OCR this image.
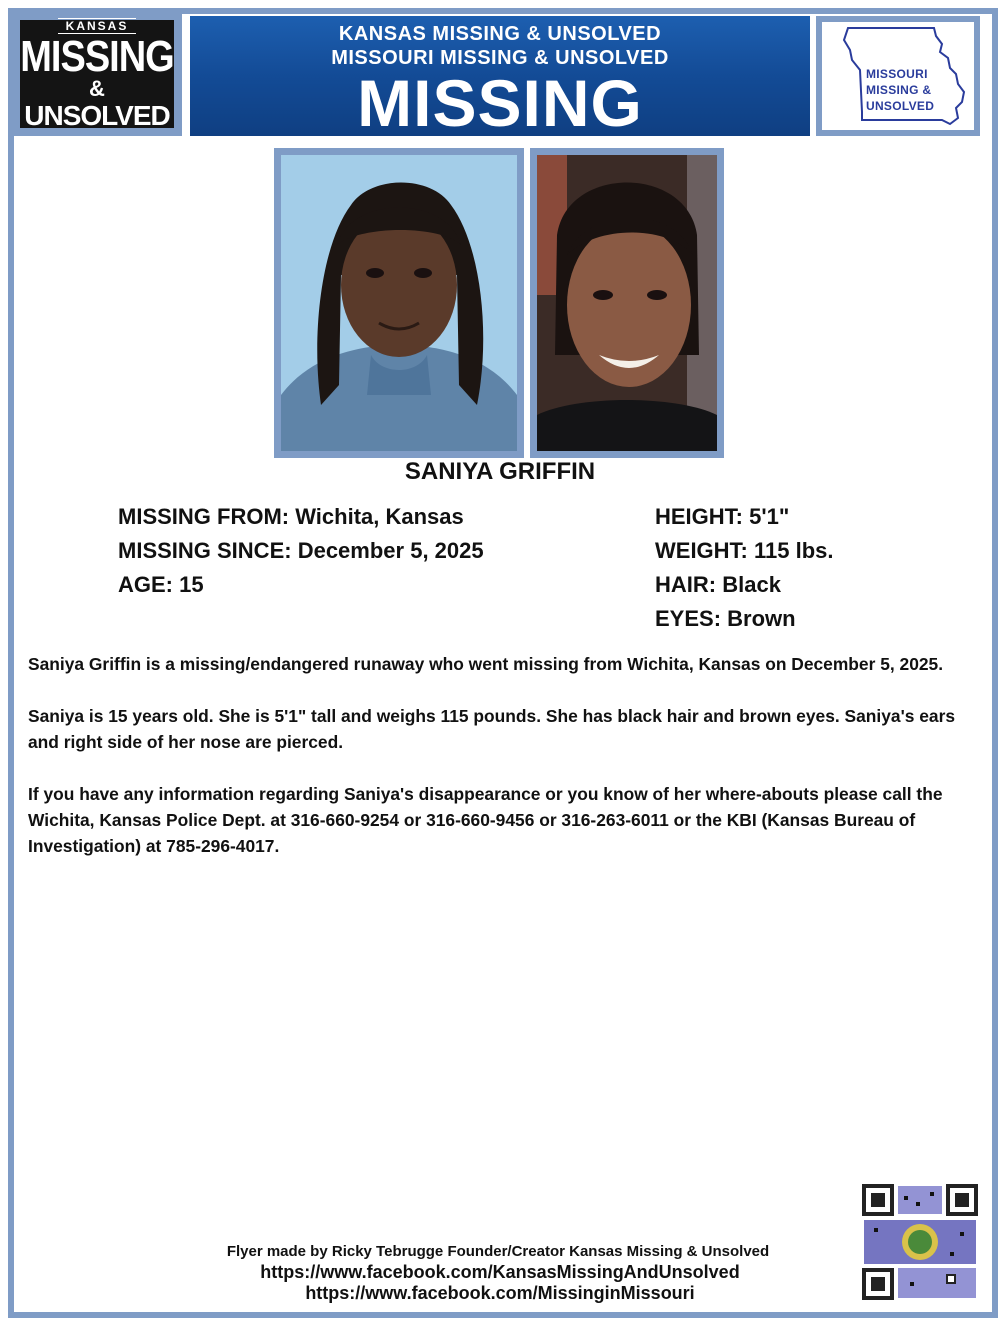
KANSAS
MISSING
&
UNSOLVED
KANSAS MISSING & UNSOLVED
MISSOURI MISSING & UNSOLVED
MISSING	MISSOURI
MISSING &
UNSOLVED
SANIYA GRIFFIN
MISSING FROM: Wichita, Kansas
MISSING SINCE: December 5, 2025
AGE: 15
HEIGHT: 5'1"
WEIGHT: 115 lbs.
HAIR: Black
EYES: Brown

Saniya Griffin is a missing/endangered runaway who went missing from Wichita, Kansas on December 5, 2025.

Saniya is 15 years old. She is 5'1" tall and weighs 115 pounds. She has black hair and brown eyes. Saniya's ears and right side of her nose are pierced.

If you have any information regarding Saniya's disappearance or you know of her where-abouts please call the Wichita, Kansas Police Dept. at 316-660-9254 or 316-660-9456 or 316-263-6011 or the KBI (Kansas Bureau of Investigation) at 785-296-4017.

Flyer made by Ricky Tebrugge Founder/Creator Kansas Missing & Unsolved
https://www.facebook.com/KansasMissingAndUnsolved
https://www.facebook.com/MissinginMissouri
